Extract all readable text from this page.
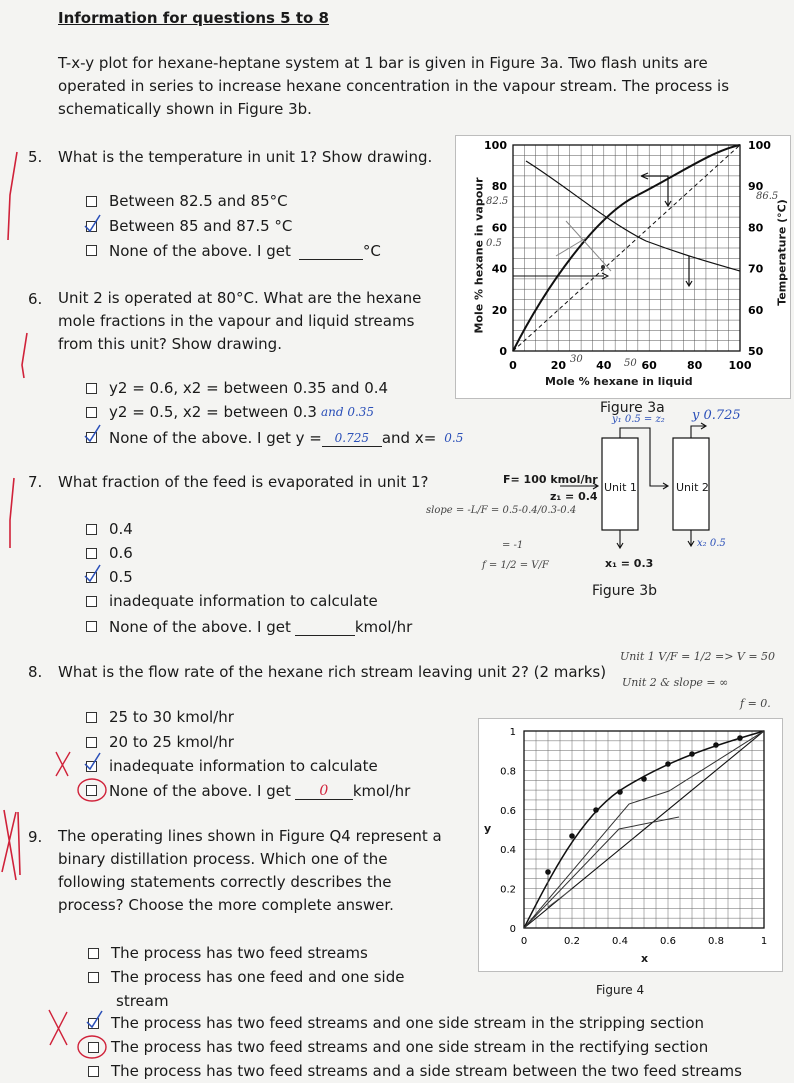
Information for questions 5 to 8
T-x-y plot for hexane-heptane system at 1 bar is given in Figure 3a. Two flash units are
operated in series to increase hexane concentration in the vapour stream. The process is
schematically shown in Figure 3b.
5. What is the temperature in unit 1? Show drawing.
Between 82.5 and 85°C
Between 85 and 87.5 °C
None of the above. I get
	°C
6. Unit 2 is operated at 80°C. What are the hexane
mole fractions in the vapour and liquid streams
from this unit? Show drawing.
y2 = 0.6, x2 = between 0.35 and 0.4
y2 = 0.5, x2 = between 0.3 and 0.35
None of the above. I get y =	0.725 and x= 0.5
7. What fraction of the feed is evaporated in unit 1?
0.4
0.6
0.5
inadequate information to calculate
None of the above. I get
	kmol/hr
8. What is the flow rate of the hexane rich stream leaving unit 2? (2 marks)
25 to 30 kmol/hr
20 to 25 kmol/hr
inadequate information to calculate
None of the above. I get	0	kmol/hr
9. The operating lines shown in Figure Q4 represent a
binary distillation process. Which one of the
following statements correctly describes the
process? Choose the more complete answer.
The process has two feed streams
The process has one feed and one side
stream
The process has two feed streams and one side stream in the stripping section
The process has two feed streams and one side stream in the rectifying section
The process has two feed streams and a side stream between the two feed streams
100
80
60
40
20
0
100
90
80
70
60
50
0	20	40	60	80 100
82.5
30	50
86.5
0.5
Mole % hexane in liquid
Mole % hexane in vapour	Temperature (°C)
Figure 3a
F= 100 kmol/hr
z₁ = 0.4
Unit 1	Unit 2
x₁ = 0.3
Figure 3b
y₁ 0.5 = z₂ y 0.725
x₂ 0.5
slope = -L/F = 0.5-0.4/0.3-0.4
= -1
f = 1/2 = V/F
Unit 1 V/F = 1/2 => V = 50
Unit 2 & slope = ∞
f = 0.
1
0.8
0.6
0.4
0.2
0
0	0.2	0.4	0.6	0.8	1
y
x
Figure 4
